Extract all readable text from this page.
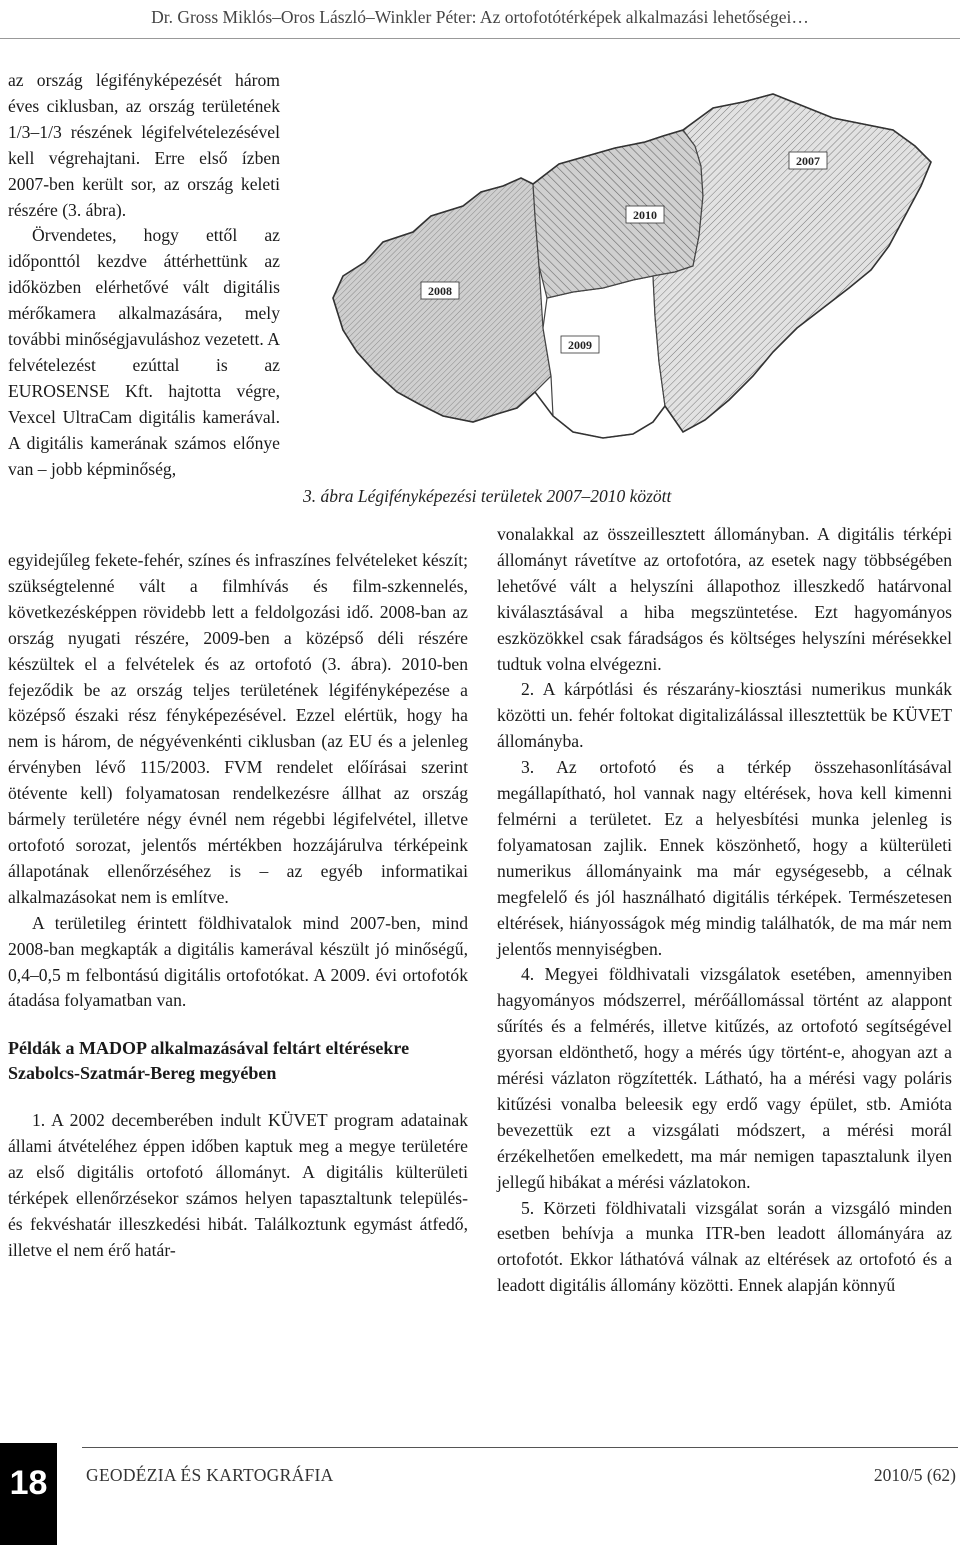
Dr. Gross Miklós–Oros László–Winkler Péter: Az ortofotótérképek alkalmazási lehetőségei…
2007
2010
2008
2009
3. ábra Légifényképezési területek 2007–2010 között

az ország légifényképezését három éves ciklusban, az ország területének 1/3–1/3 részének légifelvételezésével kell végrehajtani. Erre első ízben 2007-ben került sor, az ország keleti részére (3. ábra).

Örvendetes, hogy ettől az időponttól kezdve áttérhettünk az időközben elérhetővé vált digitális mérőkamera alkalmazására, mely további minőségjavuláshoz vezetett. A felvételezést ezúttal is az EUROSENSE Kft. hajtotta végre, Vexcel UltraCam digitális kamerával. A digitális kamerának számos előnye van – jobb képminőség,

egyidejűleg fekete-fehér, színes és infraszínes felvételeket készít; szükségtelenné vált a filmhívás és film-szkennelés, következésképpen rövidebb lett a feldolgozási idő. 2008-ban az ország nyugati részére, 2009-ben a középső déli részére készültek el a felvételek és az ortofotó (3. ábra). 2010-ben fejeződik be az ország teljes területének légifényképezése a középső északi rész fényképezésével. Ezzel elértük, hogy ha nem is három, de négyévenkénti ciklusban (az EU és a jelenleg érvényben lévő 115/2003. FVM rendelet előírásai szerint ötévente kell) folyamatosan rendelkezésre állhat az ország bármely területére négy évnél nem régebbi légifelvétel, illetve ortofotó sorozat, jelentős mértékben hozzájárulva térképeink állapotának ellenőrzéséhez is – az egyéb informatikai alkalmazásokat nem is említve.

A területileg érintett földhivatalok mind 2007-ben, mind 2008-ban megkapták a digitális kamerával készült jó minőségű, 0,4–0,5 m felbontású digitális ortofotókat. A 2009. évi ortofotók átadása folyamatban van.

Példák a MADOP alkalmazásával feltárt eltérésekre Szabolcs-Szatmár-Bereg megyében

1. A 2002 decemberében indult KÜVET program adatainak állami átvételéhez éppen időben kaptuk meg a megye területére az első digitális ortofotó állományt. A digitális külterületi térképek ellenőrzésekor számos helyen tapasztaltunk település- és fekvéshatár illeszkedési hibát. Találkoztunk egymást átfedő, illetve el nem érő határ-

vonalakkal az összeillesztett állományban. A digitális térképi állományt rávetítve az ortofotóra, az esetek nagy többségében lehetővé vált a helyszíni állapothoz illeszkedő határvonal kiválasztásával a hiba megszüntetése. Ezt hagyományos eszközökkel csak fáradságos és költséges helyszíni mérésekkel tudtuk volna elvégezni.

2. A kárpótlási és részarány-kiosztási numerikus munkák közötti un. fehér foltokat digitalizálással illesztettük be KÜVET állományba.

3. Az ortofotó és a térkép összehasonlításával megállapítható, hol vannak nagy eltérések, hova kell kimenni felmérni a területet. Ez a helyesbítési munka jelenleg is folyamatosan zajlik. Ennek köszönhető, hogy a külterületi numerikus állományaink ma már egységesebb, a célnak megfelelő és jól használható digitális térképek. Természetesen eltérések, hiányosságok még mindig találhatók, de ma már nem jelentős mennyiségben.

4. Megyei földhivatali vizsgálatok esetében, amennyiben hagyományos módszerrel, mérőállomással történt az alappont sűrítés és a felmérés, illetve kitűzés, az ortofotó segítségével gyorsan eldönthető, hogy a mérés úgy történt-e, ahogyan azt a mérési vázlaton rögzítették. Látható, ha a mérési vagy poláris kitűzési vonalba beleesik egy erdő vagy épület, stb. Amióta bevezettük ezt a vizsgálati módszert, a mérési morál érzékelhetően emelkedett, ma már nemigen tapasztalunk ilyen jellegű hibákat a mérési vázlatokon.

5. Körzeti földhivatali vizsgálat során a vizsgáló minden esetben behívja a munka ITR-ben leadott állományára az ortofotót. Ekkor láthatóvá válnak az eltérések az ortofotó és a leadott digitális állomány közötti. Ennek alapján könnyű

18	GEODÉZIA ÉS KARTOGRÁFIA	2010/5 (62)
